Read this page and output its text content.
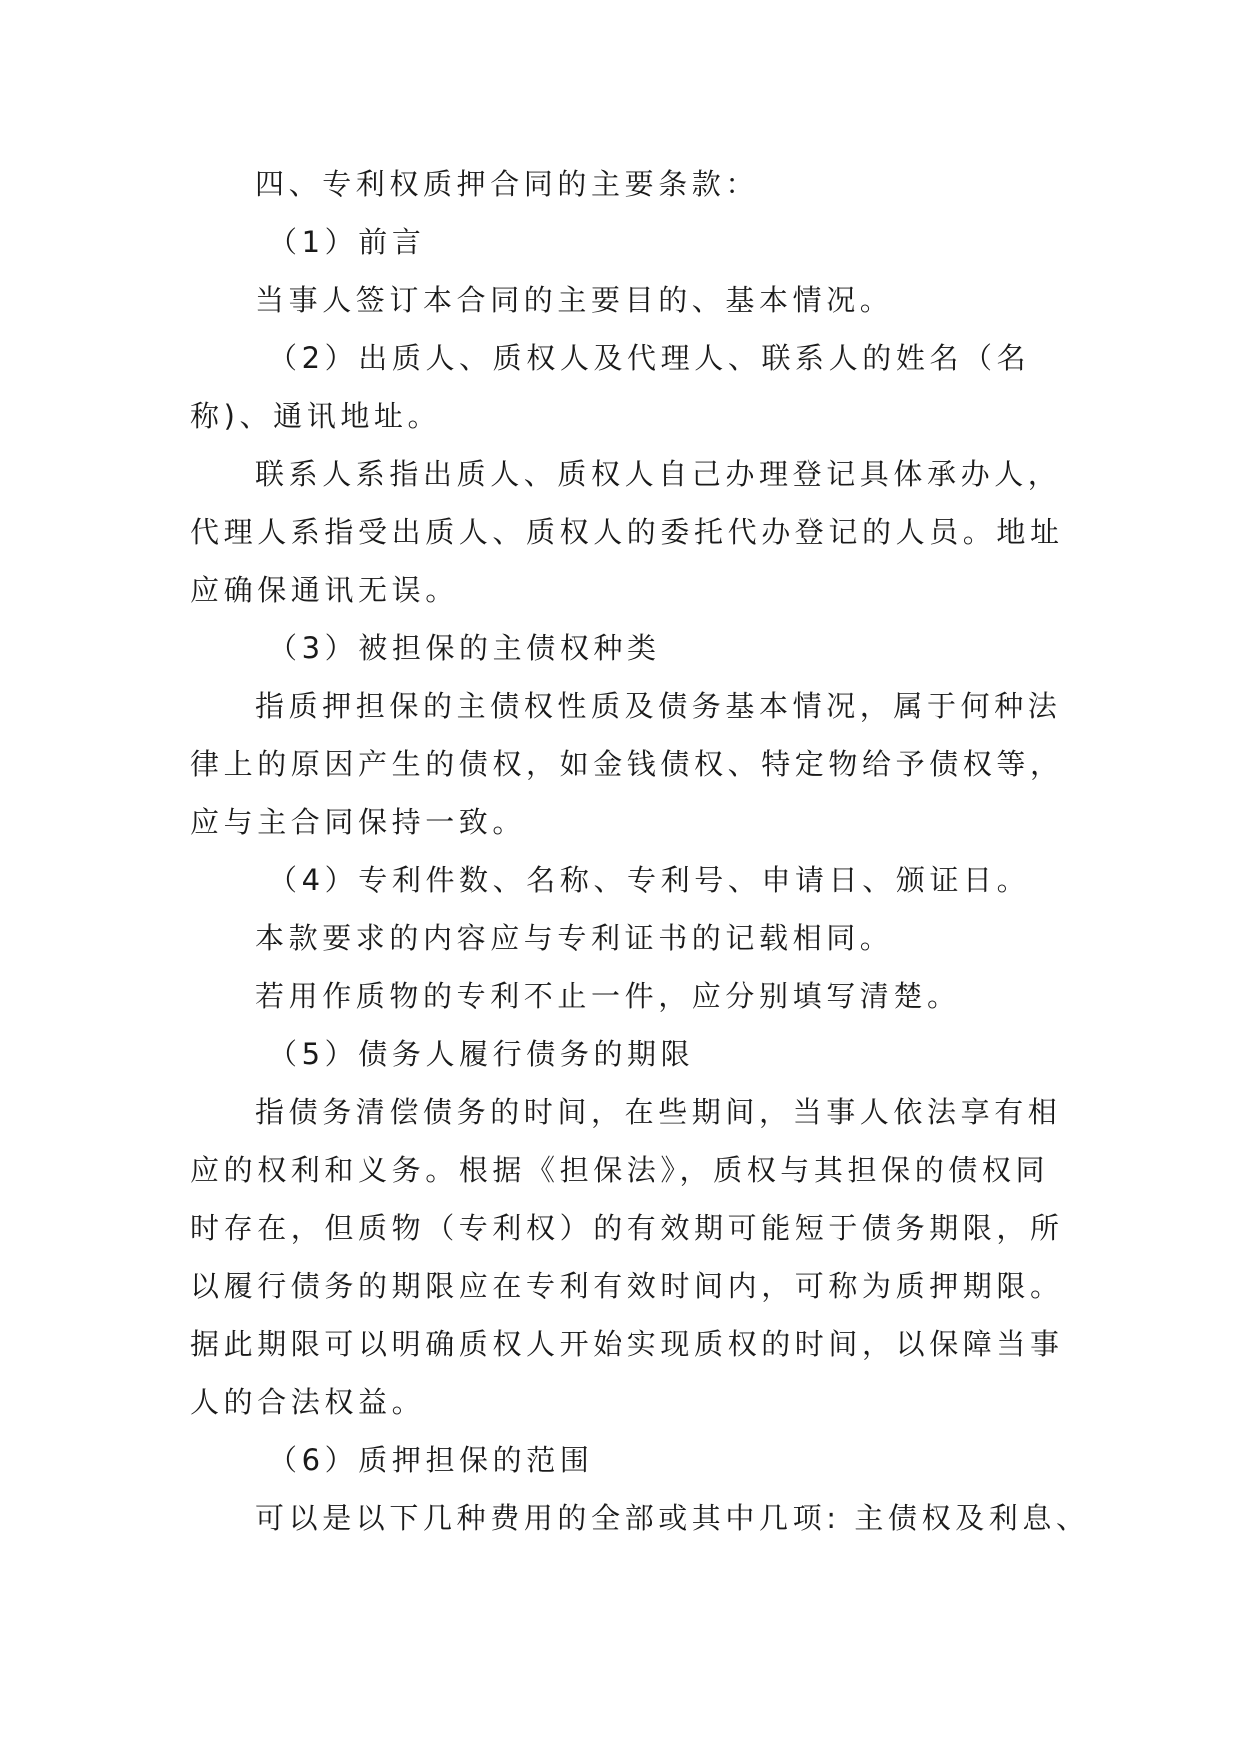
四、专利权质押合同的主要条款：

（1）前言

当事人签订本合同的主要目的、基本情况。

（2）出质人、质权人及代理人、联系人的姓名（名

称)、通讯地址。

联系人系指出质人、质权人自己办理登记具体承办人，

代理人系指受出质人、质权人的委托代办登记的人员。地址

应确保通讯无误。

（3）被担保的主债权种类

指质押担保的主债权性质及债务基本情况，属于何种法

律上的原因产生的债权，如金钱债权、特定物给予债权等，

应与主合同保持一致。

（4）专利件数、名称、专利号、申请日、颁证日。

本款要求的内容应与专利证书的记载相同。

若用作质物的专利不止一件，应分别填写清楚。

（5）债务人履行债务的期限

指债务清偿债务的时间，在些期间，当事人依法享有相

应的权利和义务。根据《担保法》，质权与其担保的债权同

时存在，但质物（专利权）的有效期可能短于债务期限，所

以履行债务的期限应在专利有效时间内，可称为质押期限。

据此期限可以明确质权人开始实现质权的时间，以保障当事

人的合法权益。

（6）质押担保的范围

可以是以下几种费用的全部或其中几项: 主债权及利息、
